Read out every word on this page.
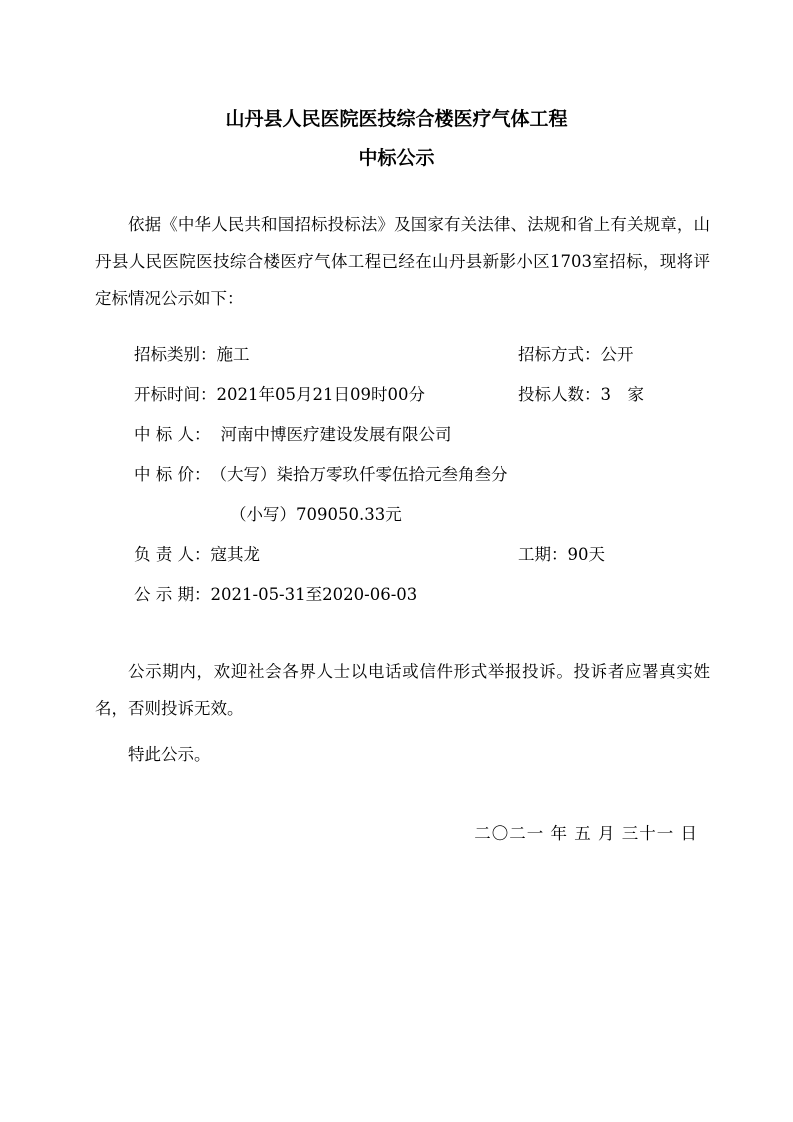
山丹县人民医院医技综合楼医疗气体工程
中标公示

依据《中华人民共和国招标投标法》及国家有关法律、法规和省上有关规章，山丹县人民医院医技综合楼医疗气体工程已经在山丹县新影小区1703室招标，现将评定标情况公示如下：

招标类别：施工	招标方式：公开
开标时间：2021年05月21日09时00分	投标人数：3　家
中 标 人： 河南中博医疗建设发展有限公司
中 标 价：（大写）柒拾万零玖仟零伍拾元叁角叁分
（小写）709050.33元
负 责 人：寇其龙	工期：90天
公 示 期：2021-05-31至2020-06-03

公示期内，欢迎社会各界人士以电话或信件形式举报投诉。投诉者应署真实姓名，否则投诉无效。

特此公示。

二〇二一 年 五 月 三十一 日
